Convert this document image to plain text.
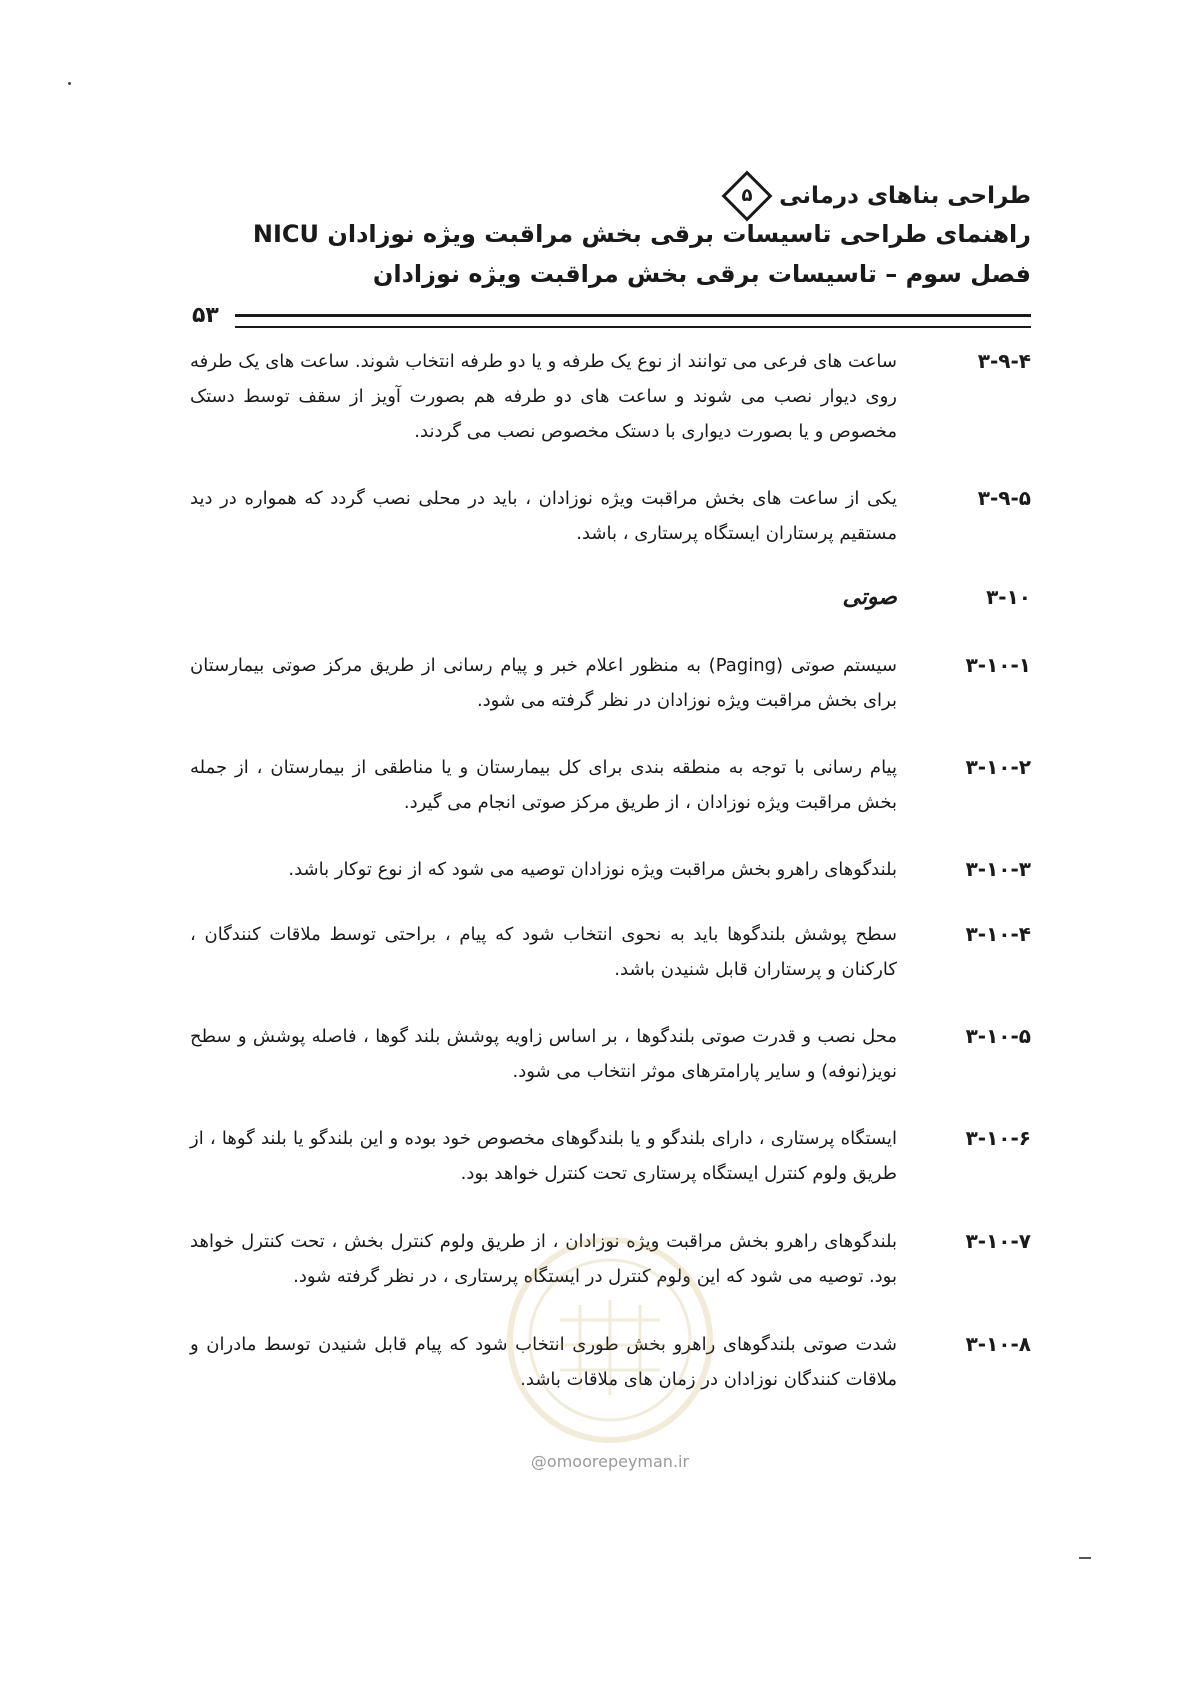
طراحی بناهای درمانی
۵
راهنمای طراحی تاسیسات برقی بخش مراقبت ویژه نوزادان NICU
فصل سوم – تاسیسات برقی بخش مراقبت ویژه نوزادان
۵۳
۳-۹-۴
ساعت های فرعی می توانند از نوع یک طرفه و یا دو طرفه انتخاب شوند. ساعت های یک طرفه روی دیوار نصب می شوند و ساعت های دو طرفه هم بصورت آویز از سقف توسط دستک مخصوص و یا بصورت دیواری با دستک مخصوص نصب می گردند.
۳-۹-۵
یکی از ساعت های بخش مراقبت ویژه نوزادان ، باید در محلی نصب گردد که همواره در دید مستقیم پرستاران ایستگاه پرستاری ، باشد.
۳-۱۰
صوتی
۳-۱۰-۱
سیستم صوتی (Paging) به منظور اعلام خبر و پیام رسانی از طریق مرکز صوتی بیمارستان برای بخش مراقبت ویژه نوزادان در نظر گرفته می شود.
۳-۱۰-۲
پیام رسانی با توجه به منطقه بندی برای کل بیمارستان و یا مناطقی از بیمارستان ، از جمله بخش مراقبت ویژه نوزادان ، از طریق مرکز صوتی انجام می گیرد.
۳-۱۰-۳
بلندگوهای راهرو بخش مراقبت ویژه نوزادان توصیه می شود که از نوع توکار باشد.
۳-۱۰-۴
سطح پوشش بلندگوها باید به نحوی انتخاب شود که پیام ، براحتی توسط ملاقات کنندگان ، کارکنان و پرستاران قابل شنیدن باشد.
۳-۱۰-۵
محل نصب و قدرت صوتی بلندگوها ، بر اساس زاویه پوشش بلند گوها ، فاصله پوشش و سطح نویز(نوفه) و سایر پارامترهای موثر انتخاب می شود.
۳-۱۰-۶
ایستگاه پرستاری ، دارای بلندگو و یا بلندگوهای مخصوص خود بوده و این بلندگو یا بلند گوها ، از طریق ولوم کنترل ایستگاه پرستاری تحت کنترل خواهد بود.
۳-۱۰-۷
بلندگوهای راهرو بخش مراقبت ویژه نوزادان ، از طریق ولوم کنترل بخش ، تحت کنترل خواهد بود. توصیه می شود که این ولوم کنترل در ایستگاه پرستاری ، در نظر گرفته شود.
۳-۱۰-۸
شدت صوتی بلندگوهای راهرو بخش طوری انتخاب شود که پیام قابل شنیدن توسط مادران و ملاقات کنندگان نوزادان در زمان های ملاقات باشد.
@omoorepeyman.ir
